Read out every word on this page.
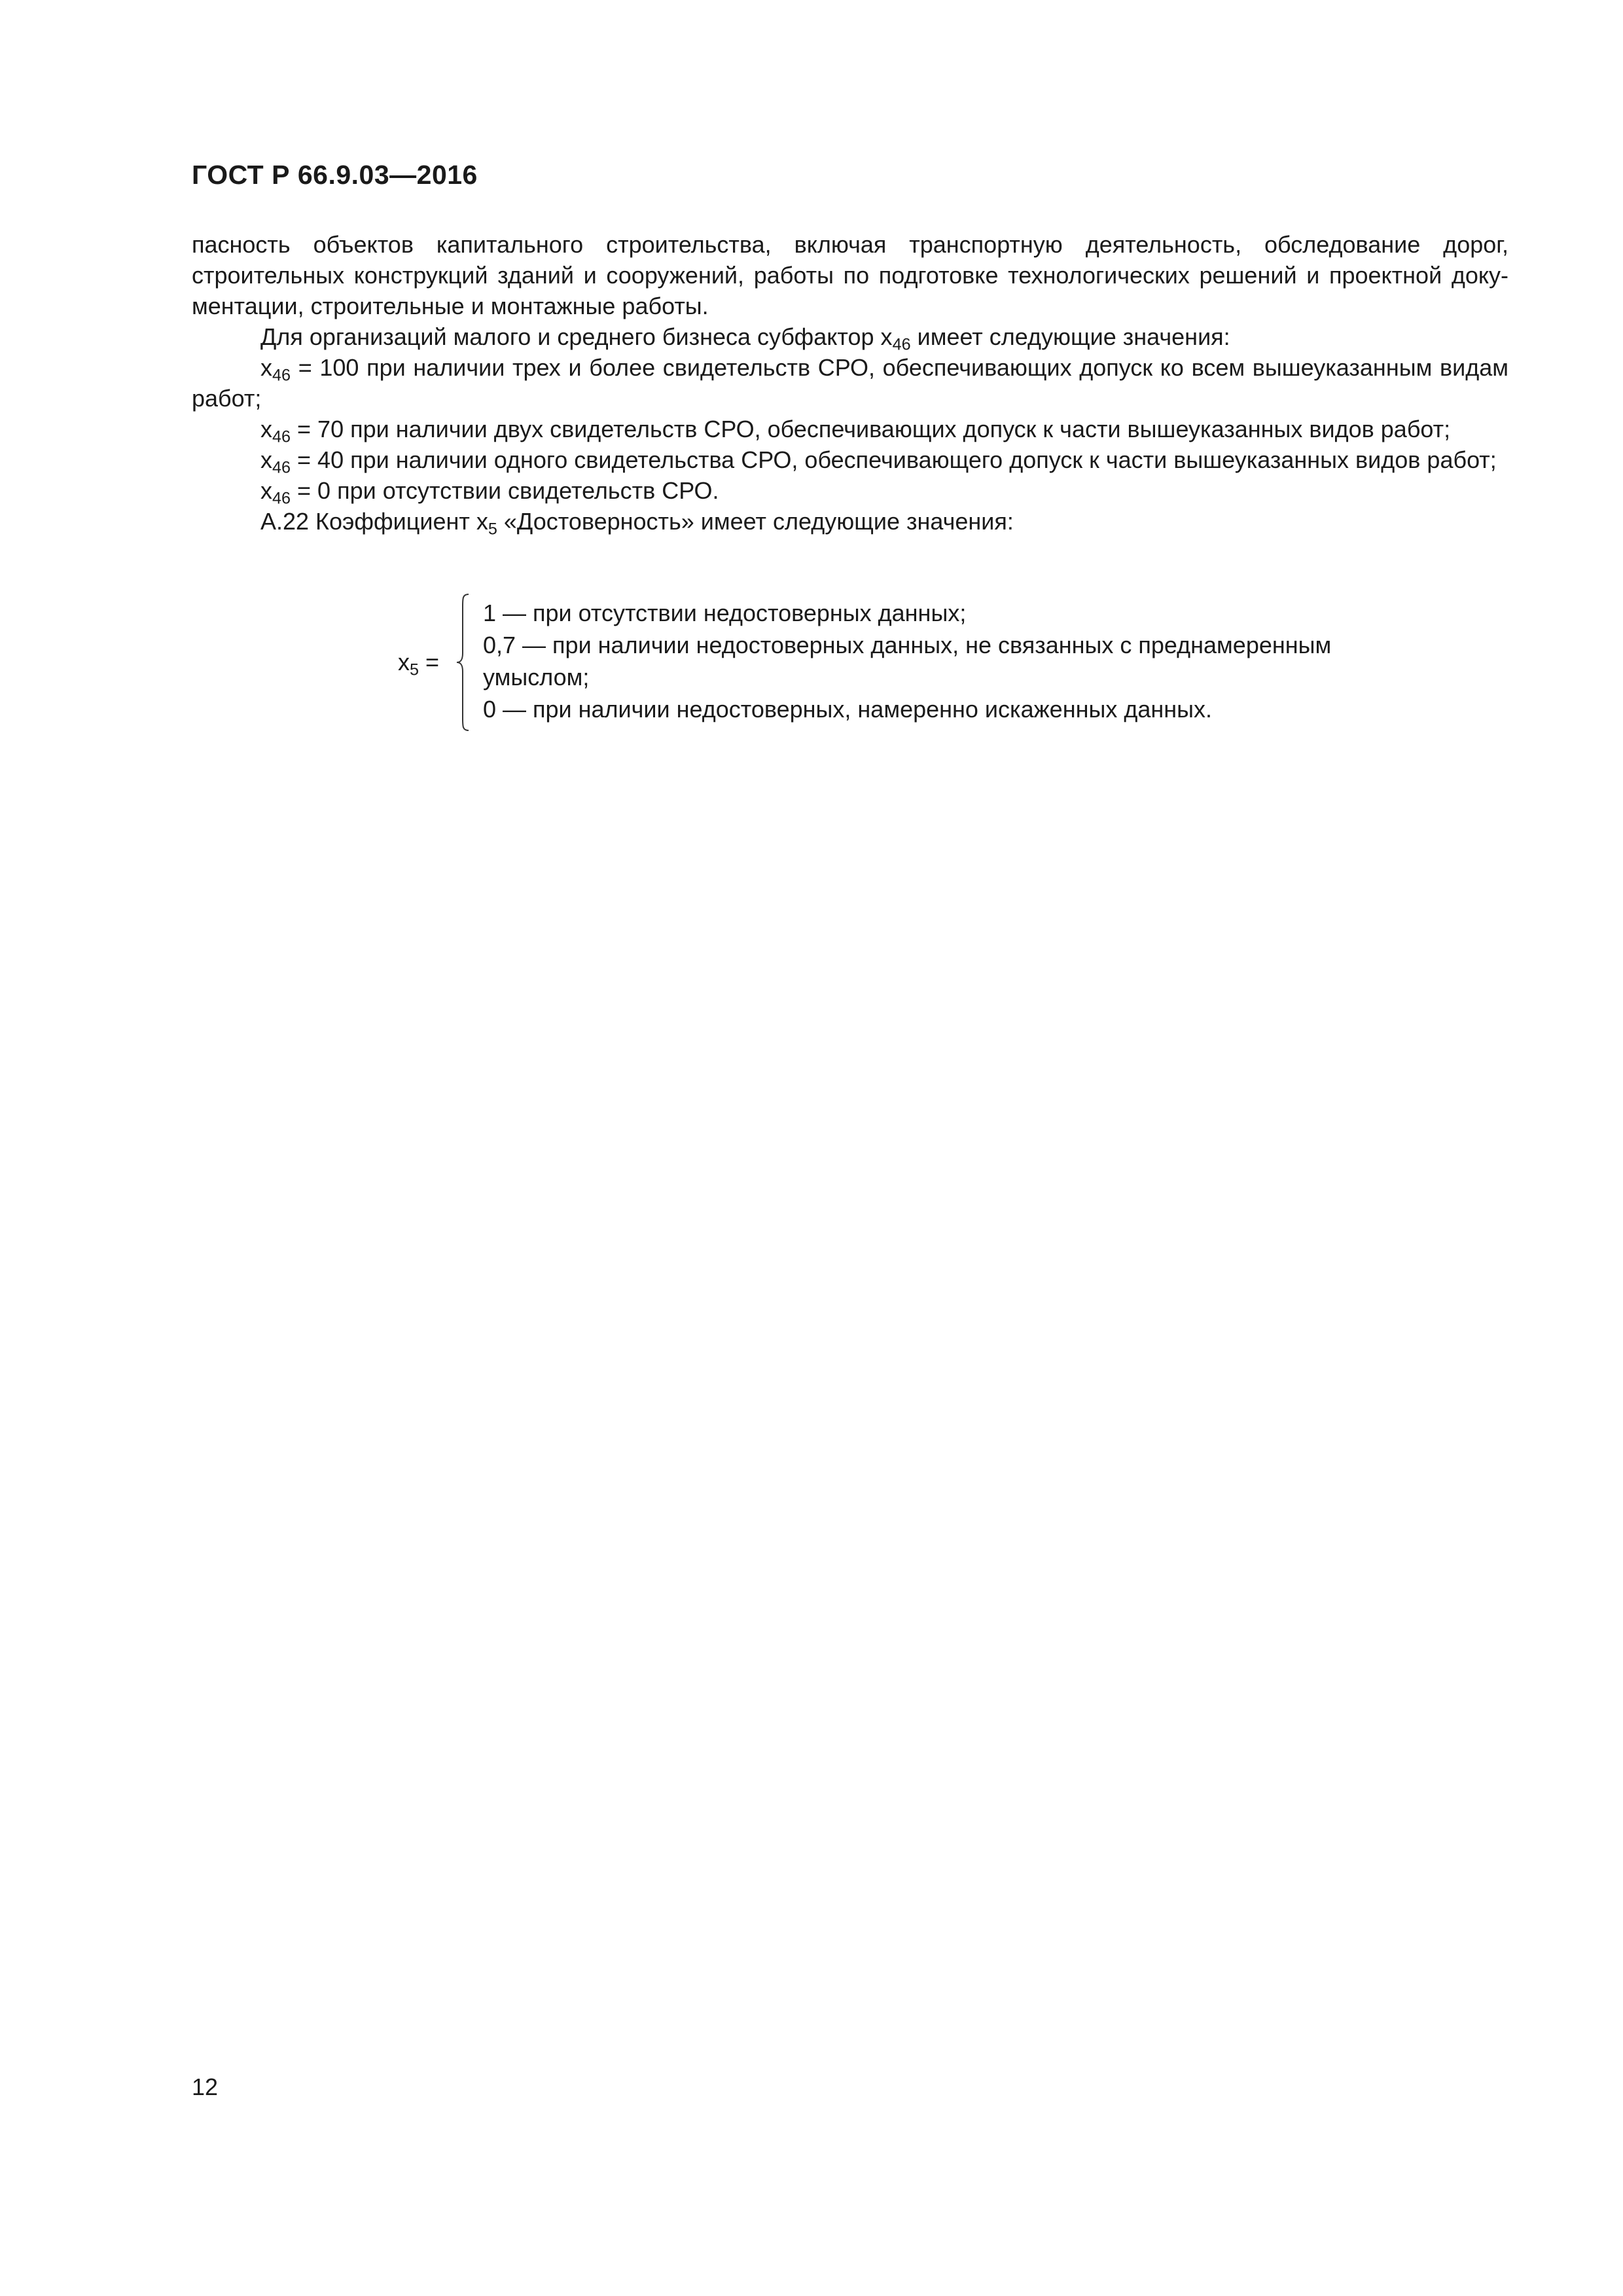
ГОСТ Р 66.9.03—2016

пасность объектов капитального строительства, включая транспортную деятельность, обследование дорог, строительных конструкций зданий и сооружений, работы по подготовке технологических решений и проектной доку-ментации, строительные и монтажные работы.

Для организаций малого и среднего бизнеса субфактор $x_{46}$ имеет следующие значения:

$x_{46} = 100$ при наличии трех и более свидетельств СРО, обеспечивающих допуск ко всем вышеуказанным видам работ;

$x_{46} = 70$ при наличии двух свидетельств СРО, обеспечивающих допуск к части вышеуказанных видов работ;

$x_{46} = 40$ при наличии одного свидетельства СРО, обеспечивающего допуск к части вышеуказанных видов работ;

$x_{46} = 0$ при отсутствии свидетельств СРО.

А.22 Коэффициент $x_5$ «Достоверность» имеет следующие значения:

$x_5$ =
1 — при отсутствии недостоверных данных;
0,7 — при наличии недостоверных данных, не связанных с преднамеренным
умыслом;
0 — при наличии недостоверных, намеренно искаженных данных.
12
